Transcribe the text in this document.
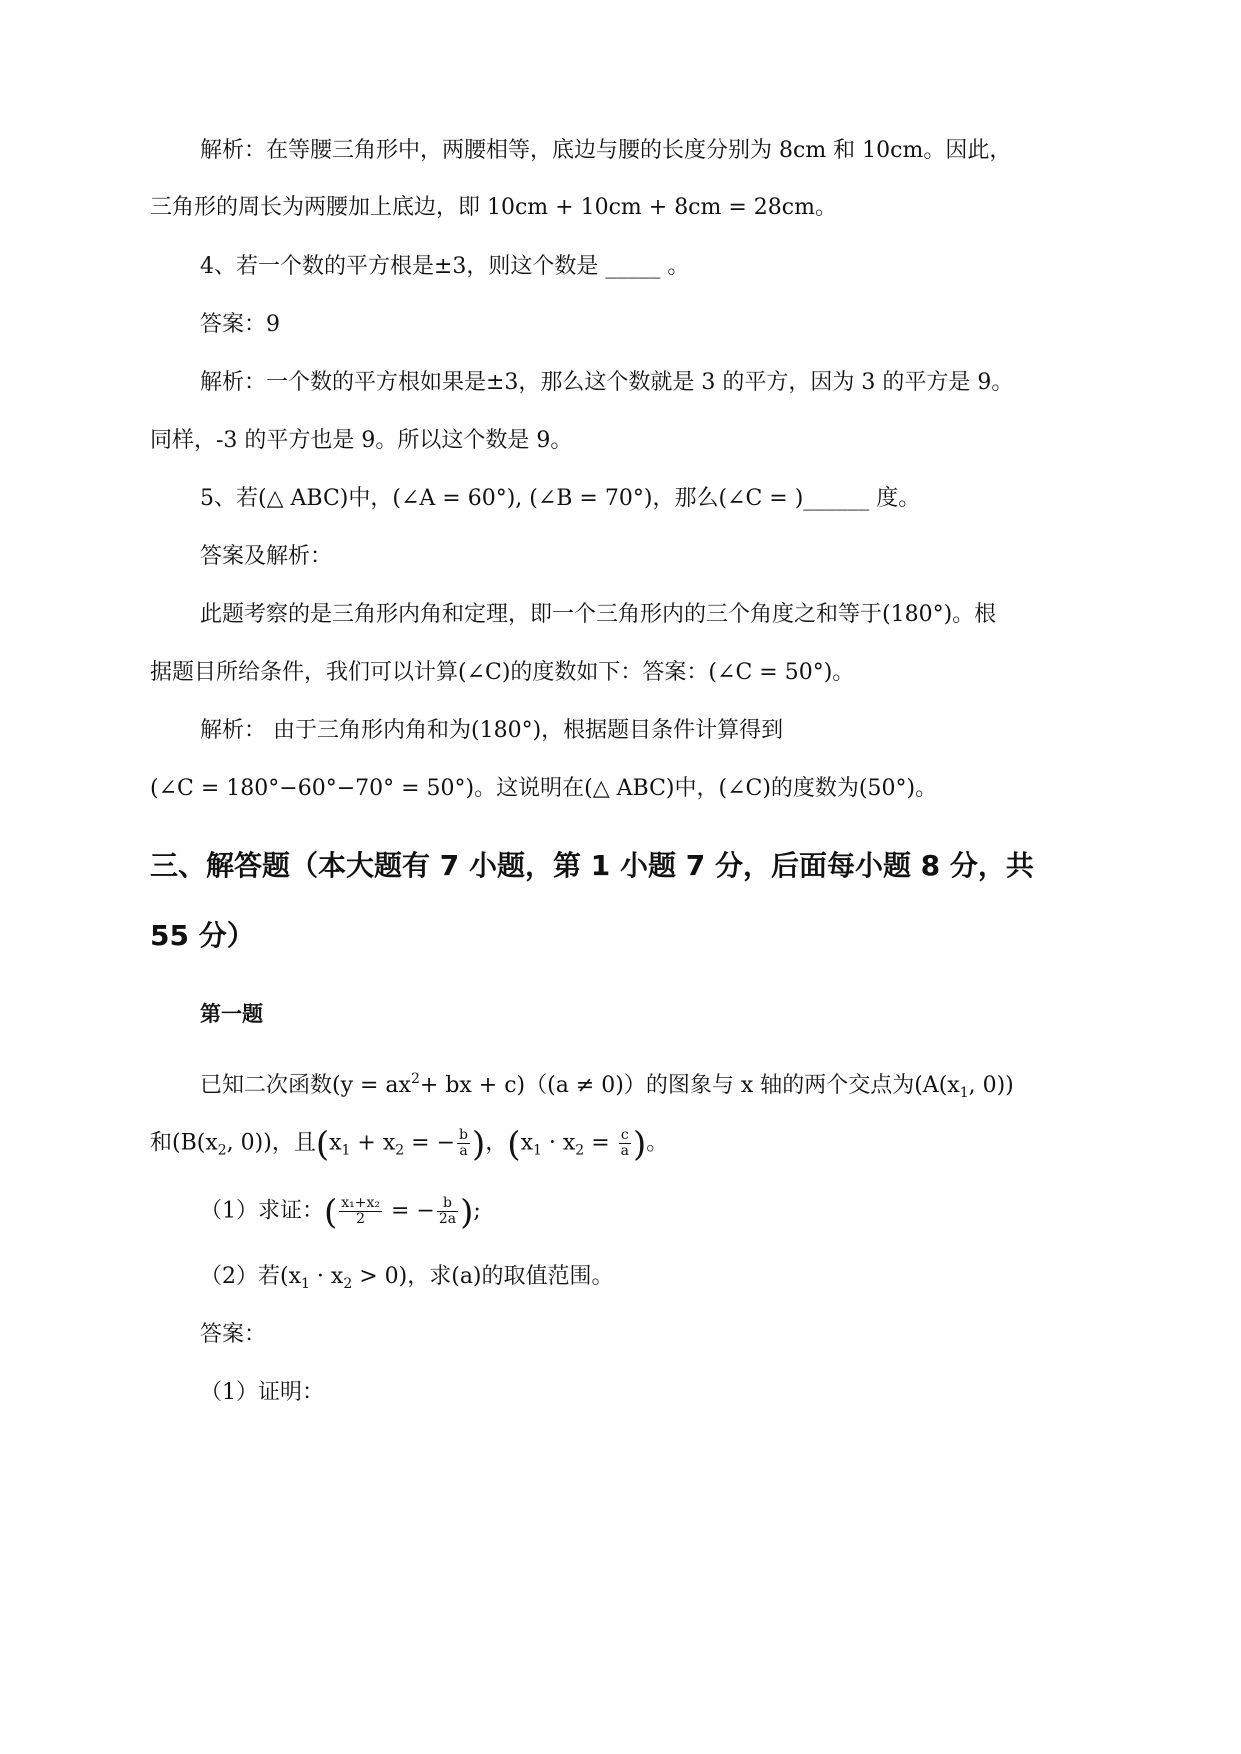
解析：在等腰三角形中，两腰相等，底边与腰的长度分别为 8cm 和 10cm。因此，
三角形的周长为两腰加上底边，即 10cm + 10cm + 8cm = 28cm。
4、若一个数的平方根是±3，则这个数是 _____ 。
答案：9
解析：一个数的平方根如果是±3，那么这个数就是 3 的平方，因为 3 的平方是 9。
同样，-3 的平方也是 9。所以这个数是 9。
5、若(△ ABC)中，(∠A = 60°), (∠B = 70°)，那么(∠C = )______ 度。
答案及解析：
此题考察的是三角形内角和定理，即一个三角形内的三个角度之和等于(180°)。根
据题目所给条件，我们可以计算(∠C)的度数如下：答案：(∠C = 50°)。
解析： 由于三角形内角和为(180°)，根据题目条件计算得到
(∠C = 180°−60°−70° = 50°)。这说明在(△ ABC)中，(∠C)的度数为(50°)。
三、解答题（本大题有 7 小题，第 1 小题 7 分，后面每小题 8 分，共
55 分）
第一题
已知二次函数($y = ax^2+$ bx + c)（(a ≠ 0)）的图象与 x 轴的两个交点为($A(x_1$, 0))
和($B(x_2$, 0))，且($x_1 + x_2$ = − $\frac{b}{a}$ )，($x_1 \cdot x_2 = \frac{c}{a}$ )。
（1）求证：( $\frac{\text{x₁+x₂}}{2}$ = − $\frac{b}{2a}$ );
（2）若$(x_1 \cdot x_2 > 0)$，求(a)的取值范围。
答案：
（1）证明：
